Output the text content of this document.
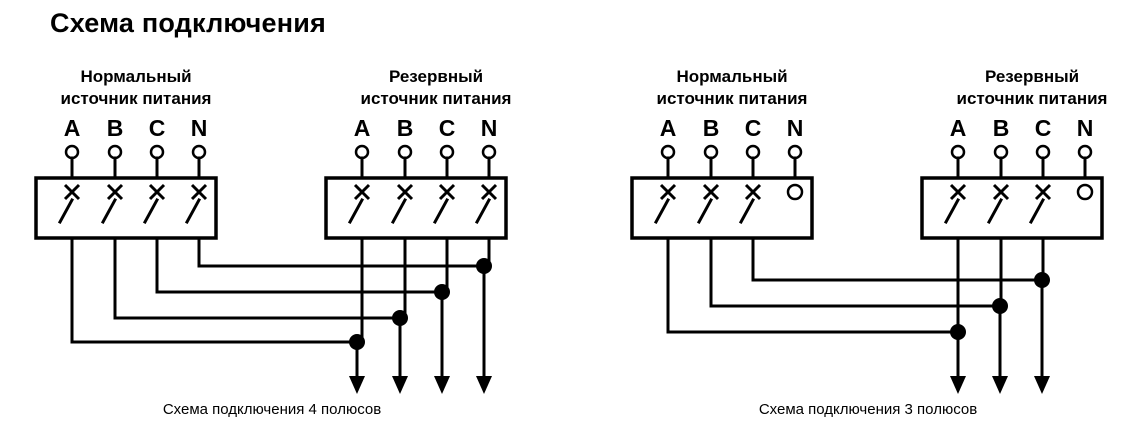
Схема подключения
Нормальный
источник питания
Резервный
источник питания
A B C N	A B C N
Схема подключения 4 полюсов
Нормальный
источник питания
Резервный
источник питания
A B C N	A B C N
Схема подключения 3 полюсов
